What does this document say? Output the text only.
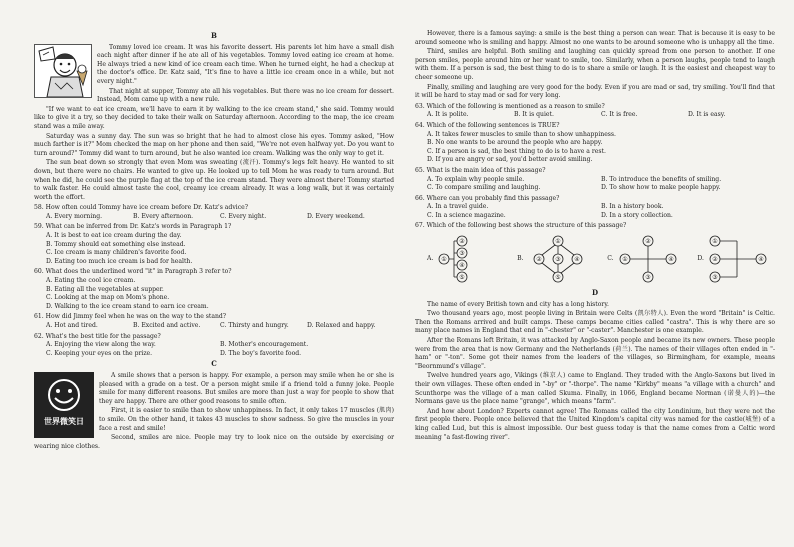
B

Tommy loved ice cream. It was his favorite dessert. His parents let him have a small dish each night after dinner if he ate all of his vegetables. Tommy loved eating ice cream at home. He always tried a new kind of ice cream each time. When he turned eight, he had a checkup at the doctor's office. Dr. Katz said, "It's fine to have a little ice cream once in a while, but not every night."

That night at supper, Tommy ate all his vegetables. But there was no ice cream for dessert. Instead, Mom came up with a new rule.

"If we want to eat ice cream, we'll have to earn it by walking to the ice cream stand," she said. Tommy would like to give it a try, so they decided to take their walk on Saturday afternoon. According to the map, the ice cream stand was a mile away.

Saturday was a sunny day. The sun was so bright that he had to almost close his eyes. Tommy asked, "How much farther is it?" Mom checked the map on her phone and then said, "We're not even halfway yet. Do you want to turn around?" Tommy did want to turn around, but he also wanted ice cream. Walking was the only way to get it.

The sun beat down so strongly that even Mom was sweating (流汗). Tommy's legs felt heavy. He wanted to sit down, but there were no chairs. He wanted to give up. He looked up to tell Mom he was ready to turn around. But when he did, he could see the purple flag at the top of the ice cream stand. They were almost there! Tommy started to walk faster. He could almost taste the cool, creamy ice cream already. It was a long walk, but it was certainly worth the effort.

58. How often could Tommy have ice cream before Dr. Katz's advice?
A. Every morning.	B. Every afternoon.	C. Every night.	D. Every weekend.
59. What can be inferred from Dr. Katz's words in Paragraph 1?
A. It is best to eat ice cream during the day.
B. Tommy should eat something else instead.
C. Ice cream is many children's favorite food.
D. Eating too much ice cream is bad for health.
60. What does the underlined word "it" in Paragraph 3 refer to?
A. Eating the cool ice cream.
B. Eating all the vegetables at supper.
C. Looking at the map on Mom's phone.
D. Walking to the ice cream stand to earn ice cream.
61. How did Jimmy feel when he was on the way to the stand?
A. Hot and tired.	B. Excited and active.	C. Thirsty and hungry.	D. Relaxed and happy.
62. What's the best title for the passage?
A. Enjoying the view along the way.	B. Mother's encouragement.
C. Keeping your eyes on the prize.	D. The boy's favorite food.
C
世界微笑日

A smile shows that a person is happy. For example, a person may smile when he or she is pleased with a grade on a test. Or a person might smile if a friend told a funny joke. People smile for many different reasons. But smiles are more than just a way for people to show that they are happy. There are other good reasons to smile often.

First, it is easier to smile than to show unhappiness. In fact, it only takes 17 muscles (肌肉) to smile. On the other hand, it takes 43 muscles to show sadness. So give the muscles in your face a rest and smile!

Second, smiles are nice. People may try to look nice on the outside by exercising or wearing nice clothes.

However, there is a famous saying: a smile is the best thing a person can wear. That is because it is easy to be around someone who is smiling and happy. Almost no one wants to be around someone who is unhappy all the time.

Third, smiles are helpful. Both smiling and laughing can quickly spread from one person to another. If one person smiles, people around him or her want to smile, too. Similarly, when a person laughs, people tend to laugh with them. If a person is sad, the best thing to do is to share a smile or laugh. It is the easiest and cheapest way to cheer someone up.

Finally, smiling and laughing are very good for the body. Even if you are mad or sad, try smiling. You'll find that it will be hard to stay mad or sad for very long.

63. Which of the following is mentioned as a reason to smile?
A. It is polite.	B. It is quiet.	C. It is free.	D. It is easy.
64. Which of the following sentences is TRUE?
A. It takes fewer muscles to smile than to show unhappiness.
B. No one wants to be around the people who are happy.
C. If a person is sad, the best thing to do is to have a rest.
D. If you are angry or sad, you'd better avoid smiling.
65. What is the main idea of this passage?
A. To explain why people smile.	B. To introduce the benefits of smiling.
C. To compare smiling and laughing.	D. To show how to make people happy.
66. Where can you probably find this passage?
A. In a travel guide.	B. In a history book.
C. In a science magazine.	D. In a story collection.
67. Which of the following best shows the structure of this passage?
A. ①
②
③
④
⑤
B.
①
② ③ ④
⑤
C. ①
②
③
④	D.
①
②
③
④
D

The name of every British town and city has a long history.

Two thousand years ago, most people living in Britain were Celts (凯尔特人). Even the word "Britain" is Celtic. Then the Romans arrived and built camps. These camps became cities called "castra". This is why there are so many place names in England that end in "-chester" or "-caster". Manchester is one example.

After the Romans left Britain, it was attacked by Anglo-Saxon people and became its new owners. These people were from the area that is now Germany and the Netherlands (荷兰). The names of their villages often ended in "-ham" or "-ton". Some got their names from the leaders of the villages, so Birmingham, for example, means "Beornmund's village".

Twelve hundred years ago, Vikings (维京人) came to England. They traded with the Anglo-Saxons but lived in their own villages. These often ended in "-by" or "-thorpe". The name "Kirkby" means "a village with a church" and Scunthorpe was the village of a man called Skuma. Finally, in 1066, England became Norman (诺曼人的)—the Normans gave us the place name "grange", which means "farm".

And how about London? Experts cannot agree! The Romans called the city Londinium, but they were not the first people there. People once believed that the United Kingdom's capital city was named for the castle(城堡) of a king called Lud, but this is almost impossible. Our best guess today is that the name comes from a Celtic word meaning "a fast-flowing river".
